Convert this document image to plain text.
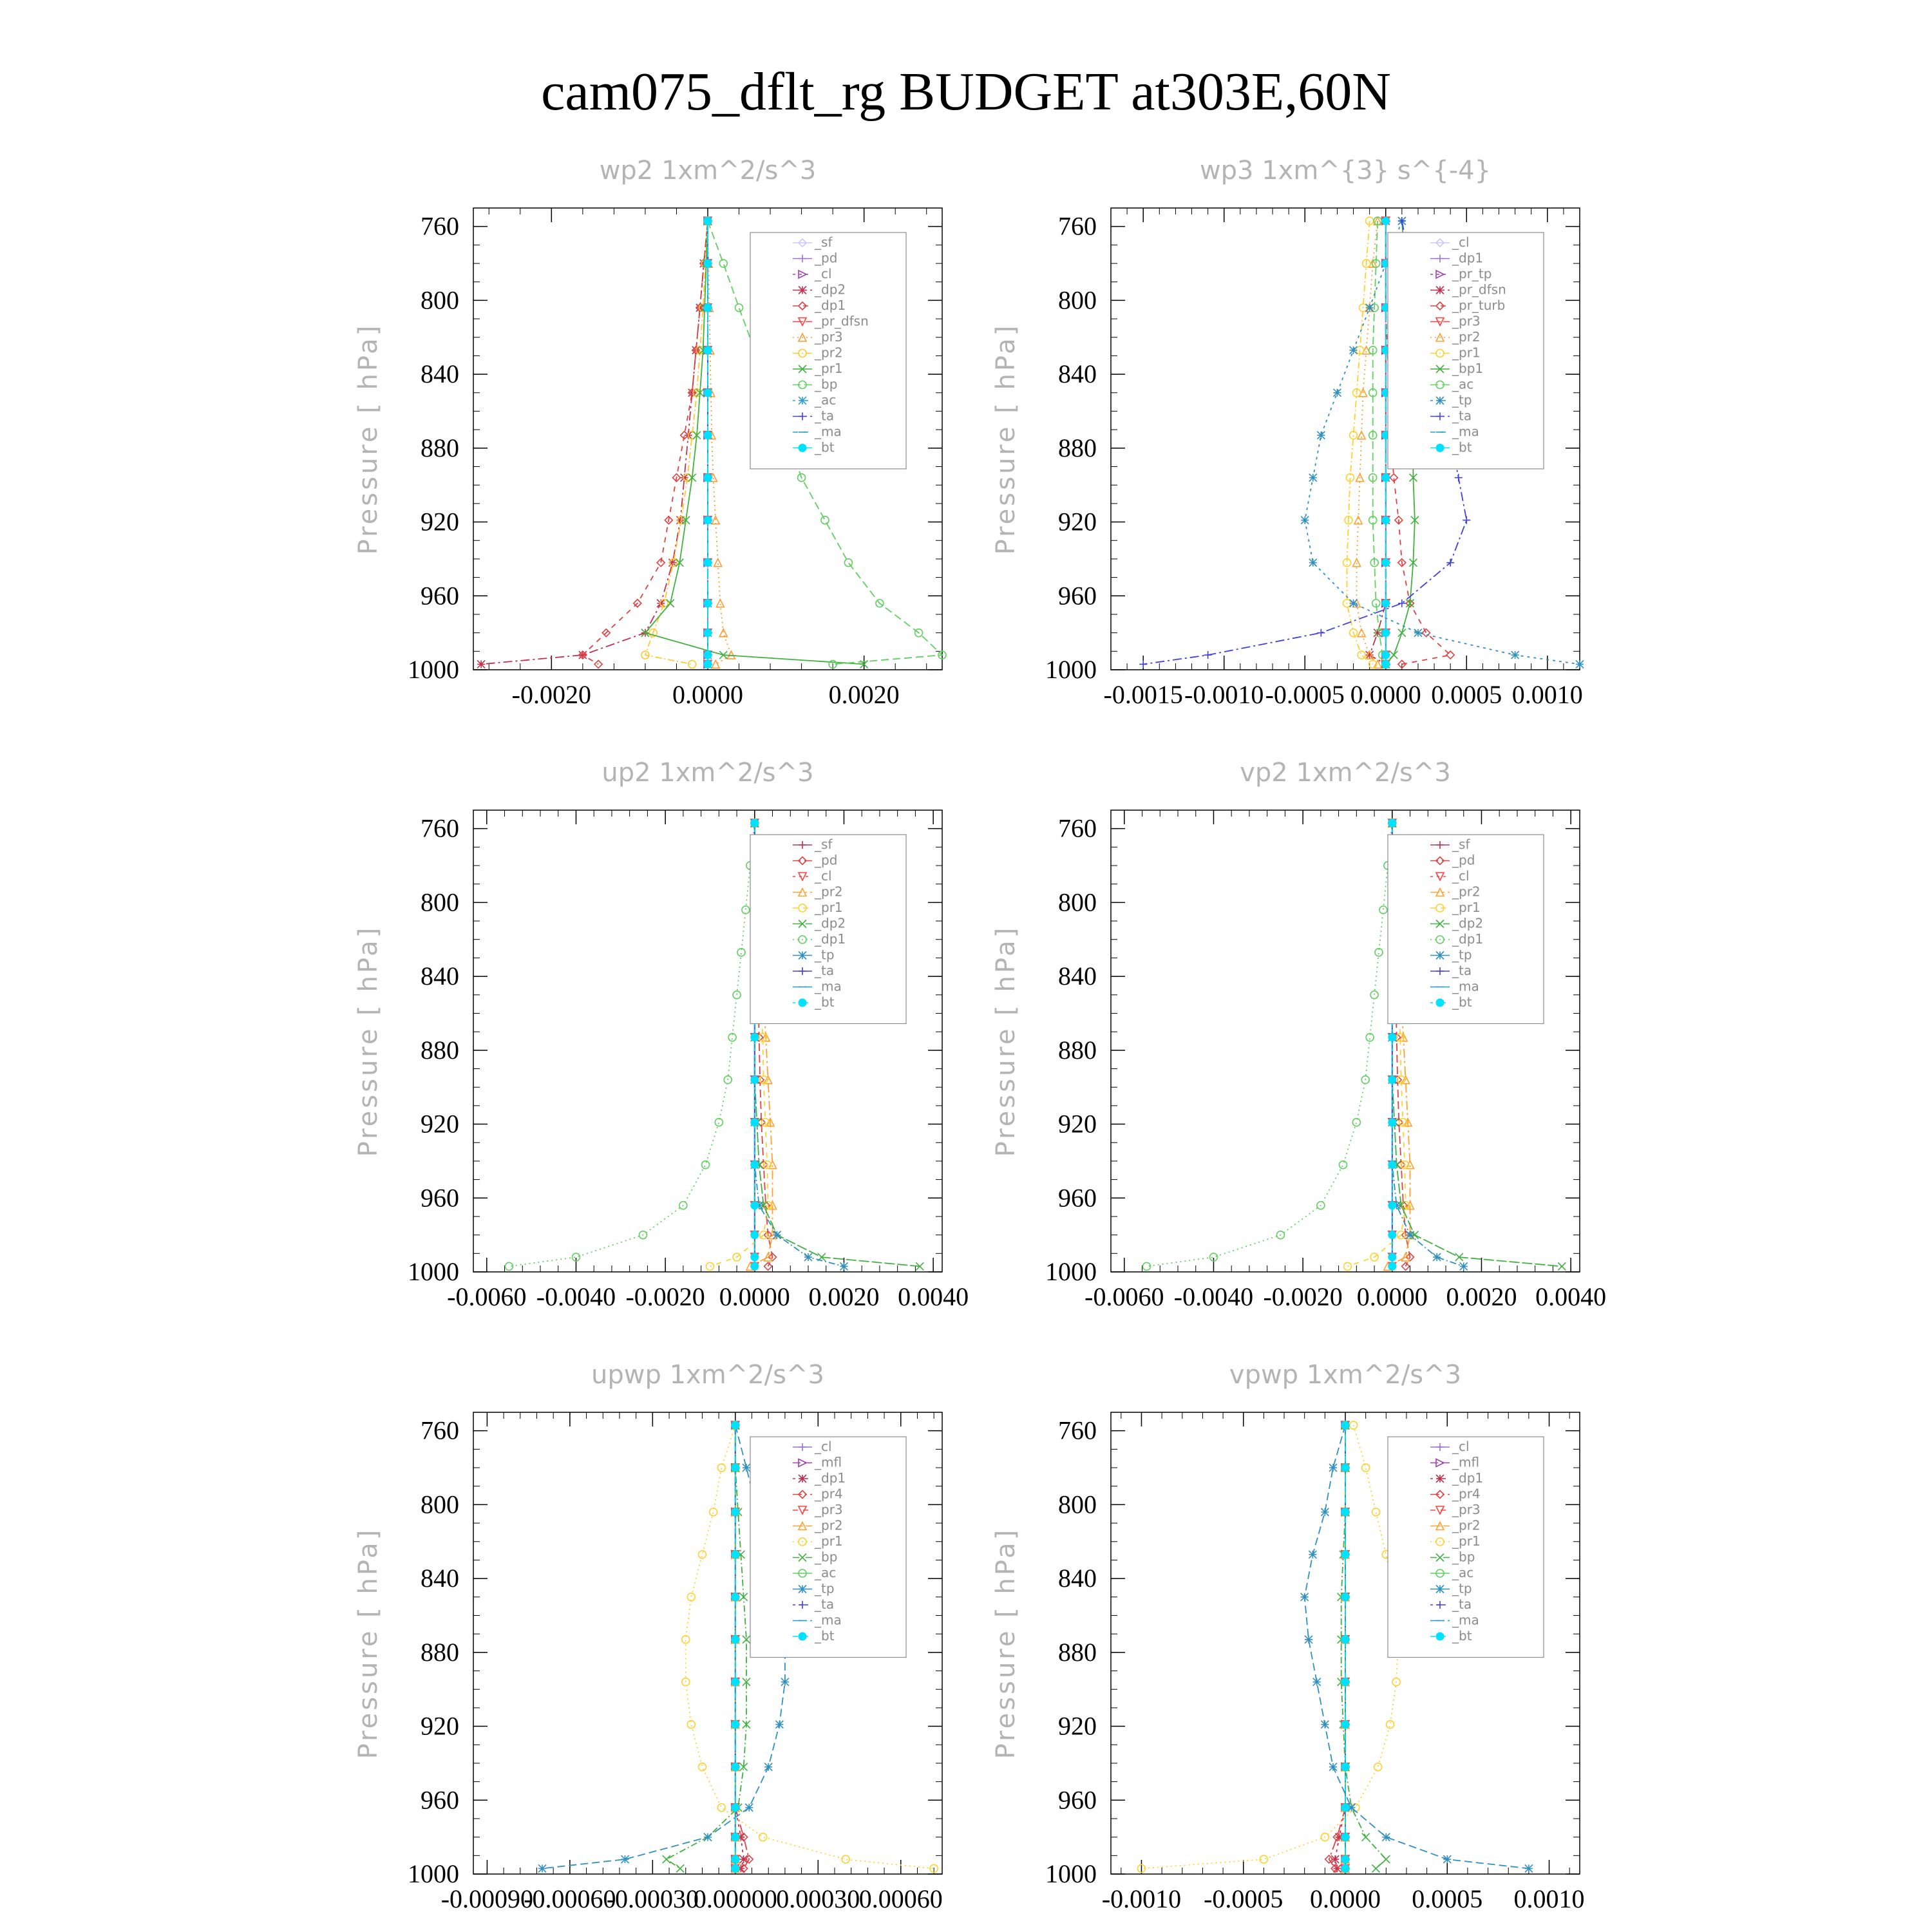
cam075_dflt_rg BUDGET at303E,60N
wp2 1xm^2/s^3
Pressure [ hPa]
760
800
840
880
920
960
1000
-0.0020	0.0000	0.0020
_sf
_pd
_cl
_dp2
_dp1
_pr_dfsn
_pr3
_pr2
_pr1
_bp
_ac
_ta
_ma
_bt
wp3 1xm^{3} s^{-4}
Pressure [ hPa]
760
800
840
880
920
960
1000
-0.0015 -0.0010 -0.0005 0.0000 0.0005 0.0010
_cl
_dp1
_pr_tp
_pr_dfsn
_pr_turb
_pr3
_pr2
_pr1
_bp1
_ac
_tp
_ta
_ma
_bt
up2 1xm^2/s^3
Pressure [ hPa]
760
800
840
880
920
960
1000
-0.0060 -0.0040 -0.0020 0.0000 0.0020 0.0040
_sf
_pd
_cl
_pr2
_pr1
_dp2
_dp1
_tp
_ta
_ma
_bt
vp2 1xm^2/s^3
Pressure [ hPa]
760
800
840
880
920
960
1000
-0.0060 -0.0040 -0.0020 0.0000 0.0020 0.0040
_sf
_pd
_cl
_pr2
_pr1
_dp2
_dp1
_tp
_ta
_ma
_bt
upwp 1xm^2/s^3
Pressure [ hPa]
760
800
840
880
920
960
1000
-0.00090
-0.00060
-0.00030
0.00000
0.00030
0.00060
_cl
_mfl
_dp1
_pr4
_pr3
_pr2
_pr1
_bp
_ac
_tp
_ta
_ma
_bt
vpwp 1xm^2/s^3
Pressure [ hPa]
760
800
840
880
920
960
1000
-0.0010 -0.0005 0.0000 0.0005 0.0010
_cl
_mfl
_dp1
_pr4
_pr3
_pr2
_pr1
_bp
_ac
_tp
_ta
_ma
_bt
